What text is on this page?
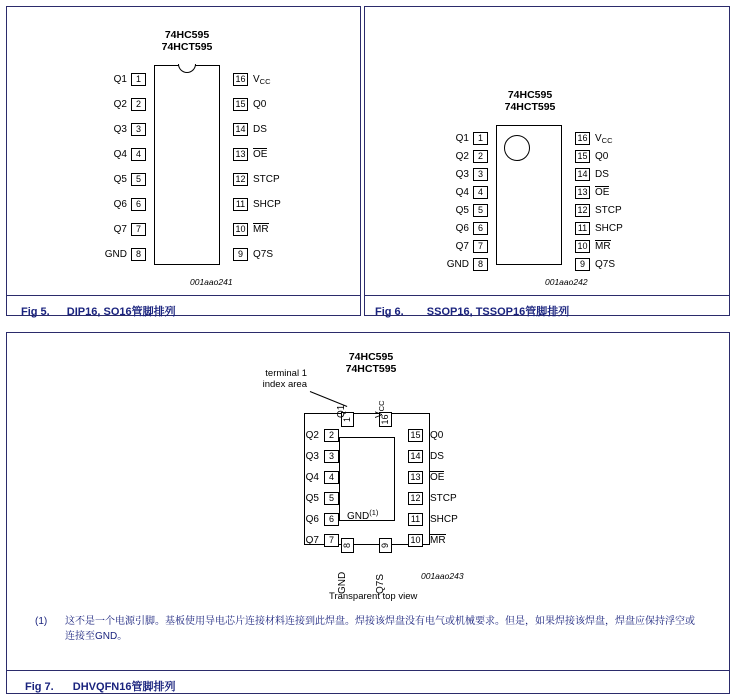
74HC595
74HCT595
1
Q1
2
Q2
3
Q3
4
Q4
5
Q5
6
Q6
7
Q7
8
GND
16 $V_{CC}$
15 Q0
14 DS
13 OE
12 STCP
11 SHCP
10 MR
9	Q7S
001aao241
Fig 5. DIP16, SO16管脚排列
74HC595
74HCT595
1
Q1
2
Q2
3
Q3
4
Q4
5
Q5
6
Q6
7
Q7
8
GND
16 $V_{CC}$
15 Q0
14 DS
13 OE
12 STCP
11 SHCP
10 MR
9	Q7S
001aao242
Fig 6. SSOP16, TSSOP16管脚排列
74HC595
74HCT595
GND$^{(1)}$
terminal 1
index area
1
Q1
16
$V_{CC}$
2
Q2
3
Q3
4
Q4
5
Q5
6
Q6
7
Q7
15 Q0
14 DS
13 OE
12 STCP
11 SHCP
10 MR
8
GND
9
Q7S	001aao243
Transparent top view
(1) 这不是一个电源引脚。基板使用导电芯片连接材料连接到此焊盘。焊接该焊盘没有电气或机械要求。但是，如果焊接该焊盘，焊盘应保持浮空或连接至GND。
Fig 7. DHVQFN16管脚排列
